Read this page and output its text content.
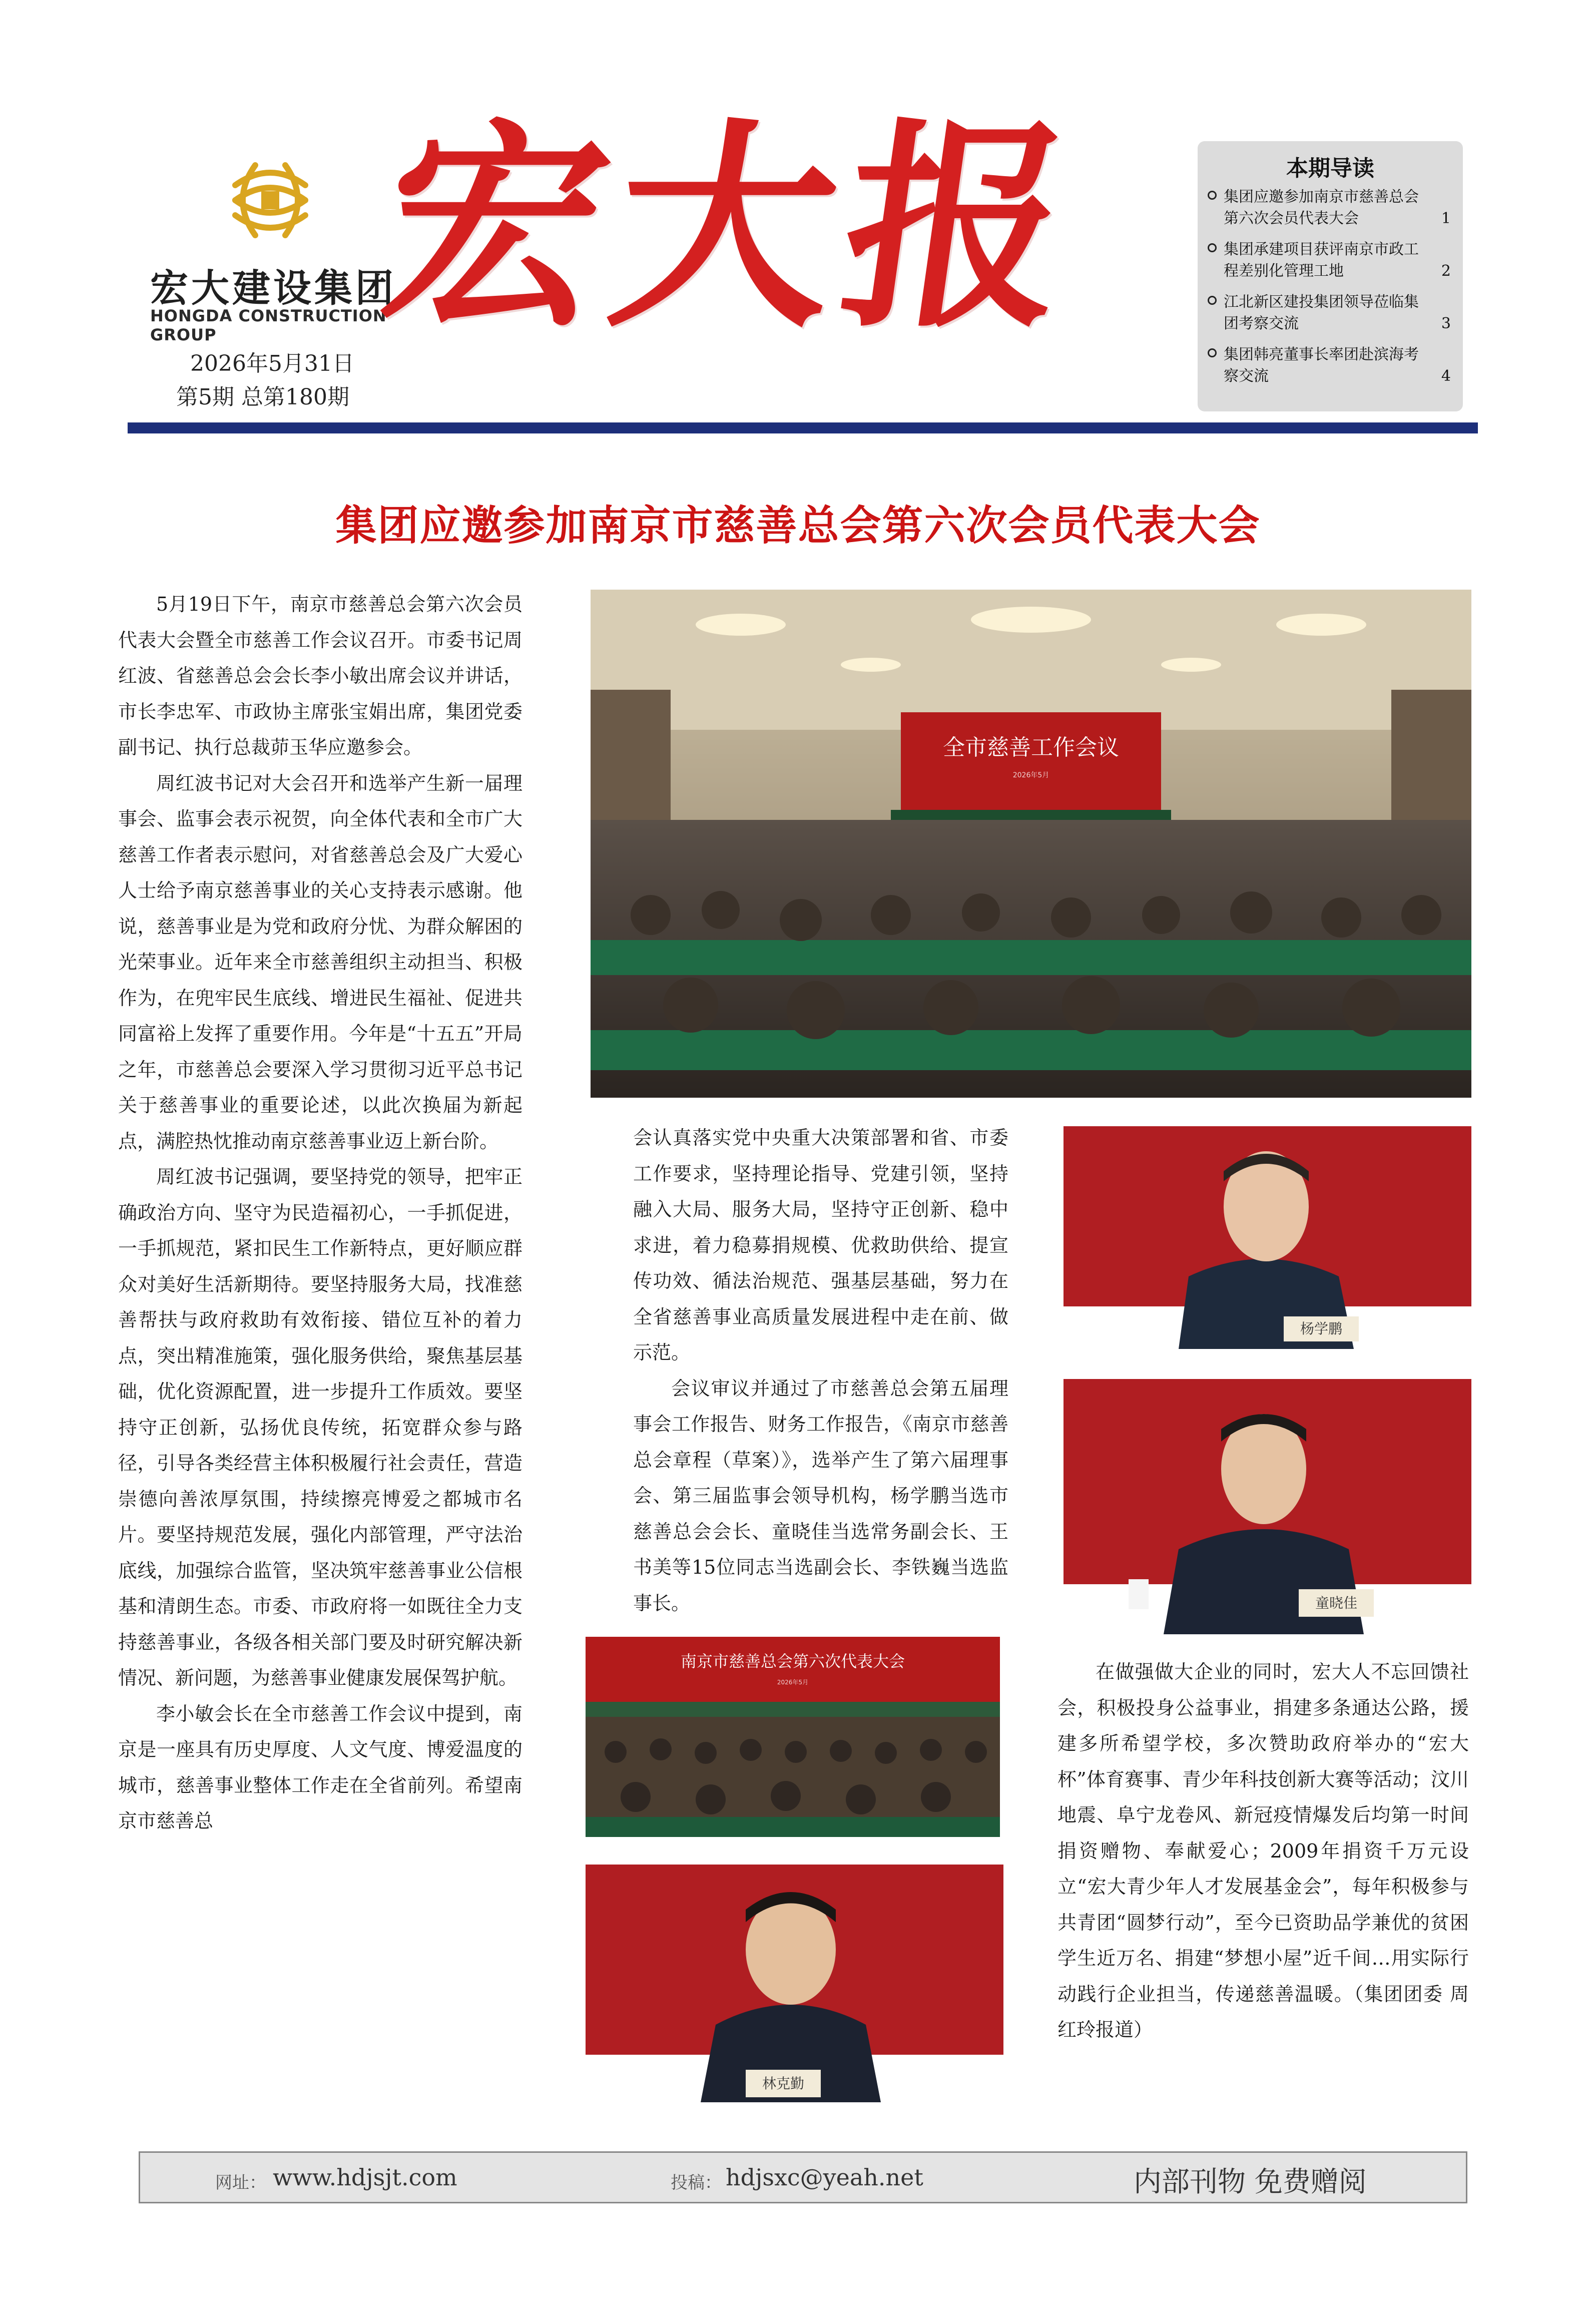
宏大建设集团
HONGDA CONSTRUCTION GROUP
2026年5月31日
第5期 总第180期
宏大报	本期导读
集团应邀参加南京市慈善总会第六次会员代表大会	1
集团承建项目获评南京市政工程差别化管理工地	2
江北新区建投集团领导莅临集团考察交流	3
集团韩亮董事长率团赴滨海考察交流	4
集团应邀参加南京市慈善总会第六次会员代表大会

5月19日下午，南京市慈善总会第六次会员代表大会暨全市慈善工作会议召开。市委书记周红波、省慈善总会会长李小敏出席会议并讲话，市长李忠军、市政协主席张宝娟出席，集团党委副书记、执行总裁茆玉华应邀参会。

周红波书记对大会召开和选举产生新一届理事会、监事会表示祝贺，向全体代表和全市广大慈善工作者表示慰问，对省慈善总会及广大爱心人士给予南京慈善事业的关心支持表示感谢。他说，慈善事业是为党和政府分忧、为群众解困的光荣事业。近年来全市慈善组织主动担当、积极作为，在兜牢民生底线、增进民生福祉、促进共同富裕上发挥了重要作用。今年是“十五五”开局之年，市慈善总会要深入学习贯彻习近平总书记关于慈善事业的重要论述，以此次换届为新起点，满腔热忱推动南京慈善事业迈上新台阶。

周红波书记强调，要坚持党的领导，把牢正确政治方向、坚守为民造福初心，一手抓促进，一手抓规范，紧扣民生工作新特点，更好顺应群众对美好生活新期待。要坚持服务大局，找准慈善帮扶与政府救助有效衔接、错位互补的着力点，突出精准施策，强化服务供给，聚焦基层基础，优化资源配置，进一步提升工作质效。要坚持守正创新，弘扬优良传统，拓宽群众参与路径，引导各类经营主体积极履行社会责任，营造崇德向善浓厚氛围，持续擦亮博爱之都城市名片。要坚持规范发展，强化内部管理，严守法治底线，加强综合监管，坚决筑牢慈善事业公信根基和清朗生态。市委、市政府将一如既往全力支持慈善事业，各级各相关部门要及时研究解决新情况、新问题，为慈善事业健康发展保驾护航。

李小敏会长在全市慈善工作会议中提到，南京是一座具有历史厚度、人文气度、博爱温度的城市，慈善事业整体工作走在全省前列。希望南京市慈善总

全市慈善工作会议
2026年5月

会认真落实党中央重大决策部署和省、市委工作要求，坚持理论指导、党建引领，坚持融入大局、服务大局，坚持守正创新、稳中求进，着力稳募捐规模、优救助供给、提宣传功效、循法治规范、强基层基础，努力在全省慈善事业高质量发展进程中走在前、做示范。

会议审议并通过了市慈善总会第五届理事会工作报告、财务工作报告，《南京市慈善总会章程（草案）》，选举产生了第六届理事会、第三届监事会领导机构，杨学鹏当选市慈善总会会长、童晓佳当选常务副会长、王书美等15位同志当选副会长、李铁巍当选监事长。

杨学鹏
童晓佳
南京市慈善总会第六次代表大会
2026年5月
林克勤

在做强做大企业的同时，宏大人不忘回馈社会，积极投身公益事业，捐建多条通达公路，援建多所希望学校，多次赞助政府举办的“宏大杯”体育赛事、青少年科技创新大赛等活动；汶川地震、阜宁龙卷风、新冠疫情爆发后均第一时间捐资赠物、奉献爱心；2009年捐资千万元设立“宏大青少年人才发展基金会”，每年积极参与共青团“圆梦行动”，至今已资助品学兼优的贫困学生近万名、捐建“梦想小屋”近千间…用实际行动践行企业担当，传递慈善温暖。（集团团委 周红玲报道）

网址： www.hdjsjt.com	投稿： hdjsxc@yeah.net	内部刊物 免费赠阅
